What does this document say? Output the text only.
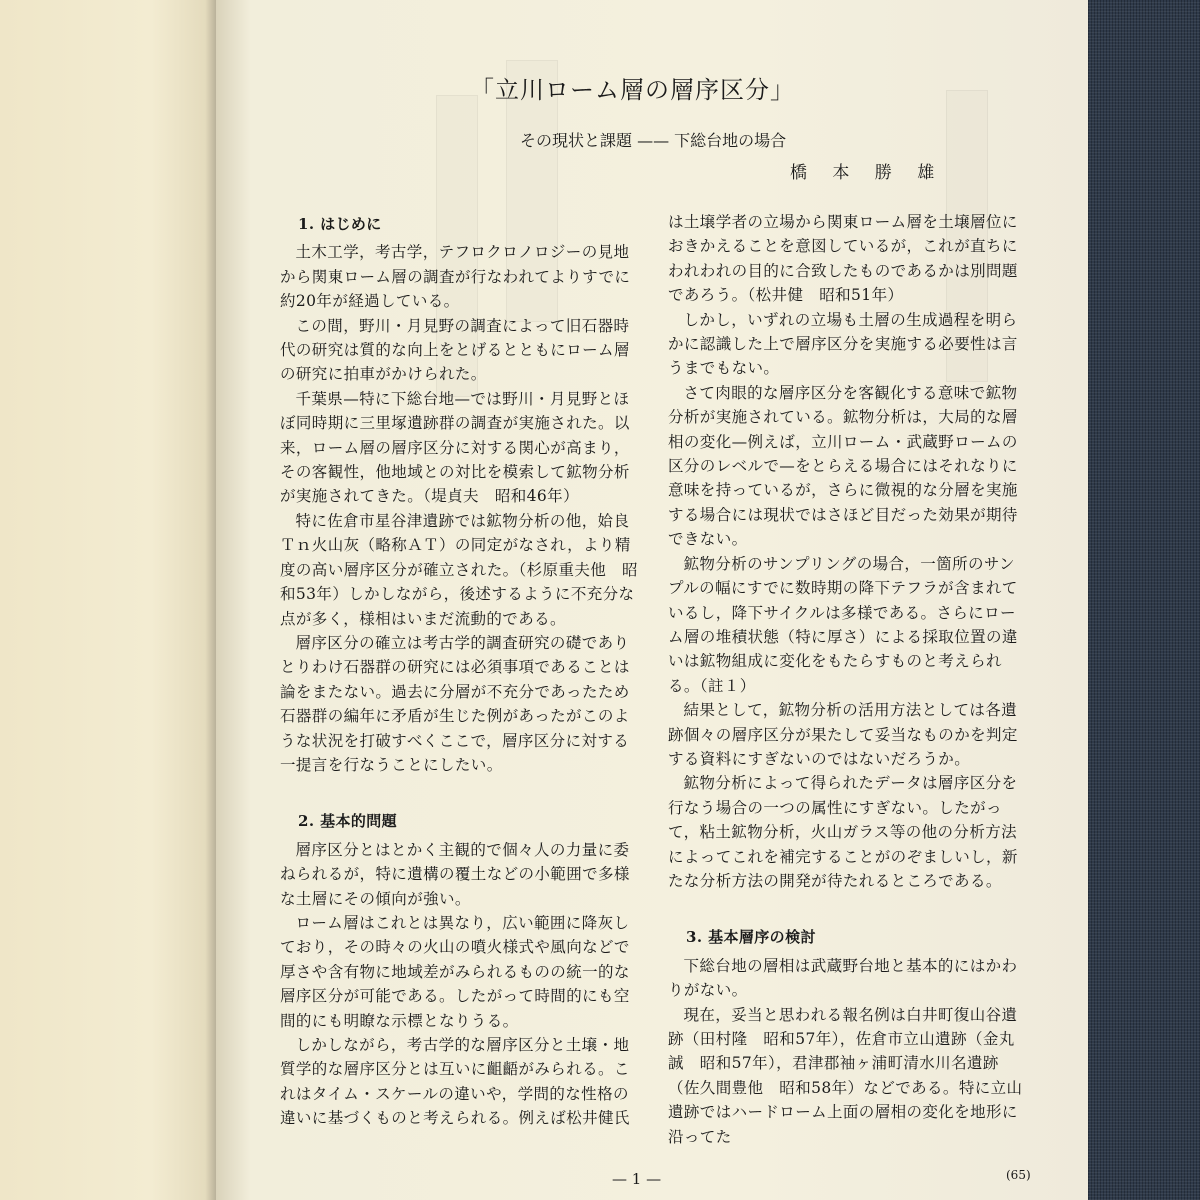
「立川ローム層の層序区分」
その現状と課題 —— 下総台地の場合
橋 本 勝 雄
1. はじめに

土木工学，考古学，テフロクロノロジーの見地から関東ローム層の調査が行なわれてよりすでに約20年が経過している。

この間，野川・月見野の調査によって旧石器時代の研究は質的な向上をとげるとともにローム層の研究に拍車がかけられた。

千葉県—特に下総台地—では野川・月見野とほぼ同時期に三里塚遺跡群の調査が実施された。以来，ローム層の層序区分に対する関心が高まり，その客観性，他地域との対比を模索して鉱物分析が実施されてきた。（堤貞夫　昭和46年）

特に佐倉市星谷津遺跡では鉱物分析の他，姶良Ｔｎ火山灰（略称ＡＴ）の同定がなされ，より精度の高い層序区分が確立された。（杉原重夫他　昭和53年）しかしながら，後述するように不充分な点が多く，様相はいまだ流動的である。

層序区分の確立は考古学的調査研究の礎でありとりわけ石器群の研究には必須事項であることは論をまたない。過去に分層が不充分であったため石器群の編年に矛盾が生じた例があったがこのような状況を打破すべくここで，層序区分に対する一提言を行なうことにしたい。

2. 基本的問題

層序区分とはとかく主観的で個々人の力量に委ねられるが，特に遺構の覆土などの小範囲で多様な土層にその傾向が強い。

ローム層はこれとは異なり，広い範囲に降灰しており，その時々の火山の噴火様式や風向などで厚さや含有物に地域差がみられるものの統一的な層序区分が可能である。したがって時間的にも空間的にも明瞭な示標となりうる。

しかしながら，考古学的な層序区分と土壌・地質学的な層序区分とは互いに齟齬がみられる。これはタイム・スケールの違いや，学問的な性格の違いに基づくものと考えられる。例えば松井健氏

は土壌学者の立場から関東ローム層を土壌層位におきかえることを意図しているが，これが直ちにわれわれの目的に合致したものであるかは別問題であろう。（松井健　昭和51年）

しかし，いずれの立場も土層の生成過程を明らかに認識した上で層序区分を実施する必要性は言うまでもない。

さて肉眼的な層序区分を客観化する意味で鉱物分析が実施されている。鉱物分析は，大局的な層相の変化—例えば，立川ローム・武蔵野ロームの区分のレベルで—をとらえる場合にはそれなりに意味を持っているが，さらに微視的な分層を実施する場合には現状ではさほど目だった効果が期待できない。

鉱物分析のサンプリングの場合，一箇所のサンプルの幅にすでに数時期の降下テフラが含まれているし，降下サイクルは多様である。さらにローム層の堆積状態（特に厚さ）による採取位置の違いは鉱物組成に変化をもたらすものと考えられる。（註１）

結果として，鉱物分析の活用方法としては各遺跡個々の層序区分が果たして妥当なものかを判定する資料にすぎないのではないだろうか。

鉱物分析によって得られたデータは層序区分を行なう場合の一つの属性にすぎない。したがって，粘土鉱物分析，火山ガラス等の他の分析方法によってこれを補完することがのぞましいし，新たな分析方法の開発が待たれるところである。

3. 基本層序の検討

下総台地の層相は武蔵野台地と基本的にはかわりがない。

現在，妥当と思われる報名例は白井町復山谷遺跡（田村隆　昭和57年），佐倉市立山遺跡（金丸誠　昭和57年），君津郡袖ヶ浦町清水川名遺跡（佐久間豊他　昭和58年）などである。特に立山遺跡ではハードローム上面の層相の変化を地形に沿ってた

— 1 —	(65)
